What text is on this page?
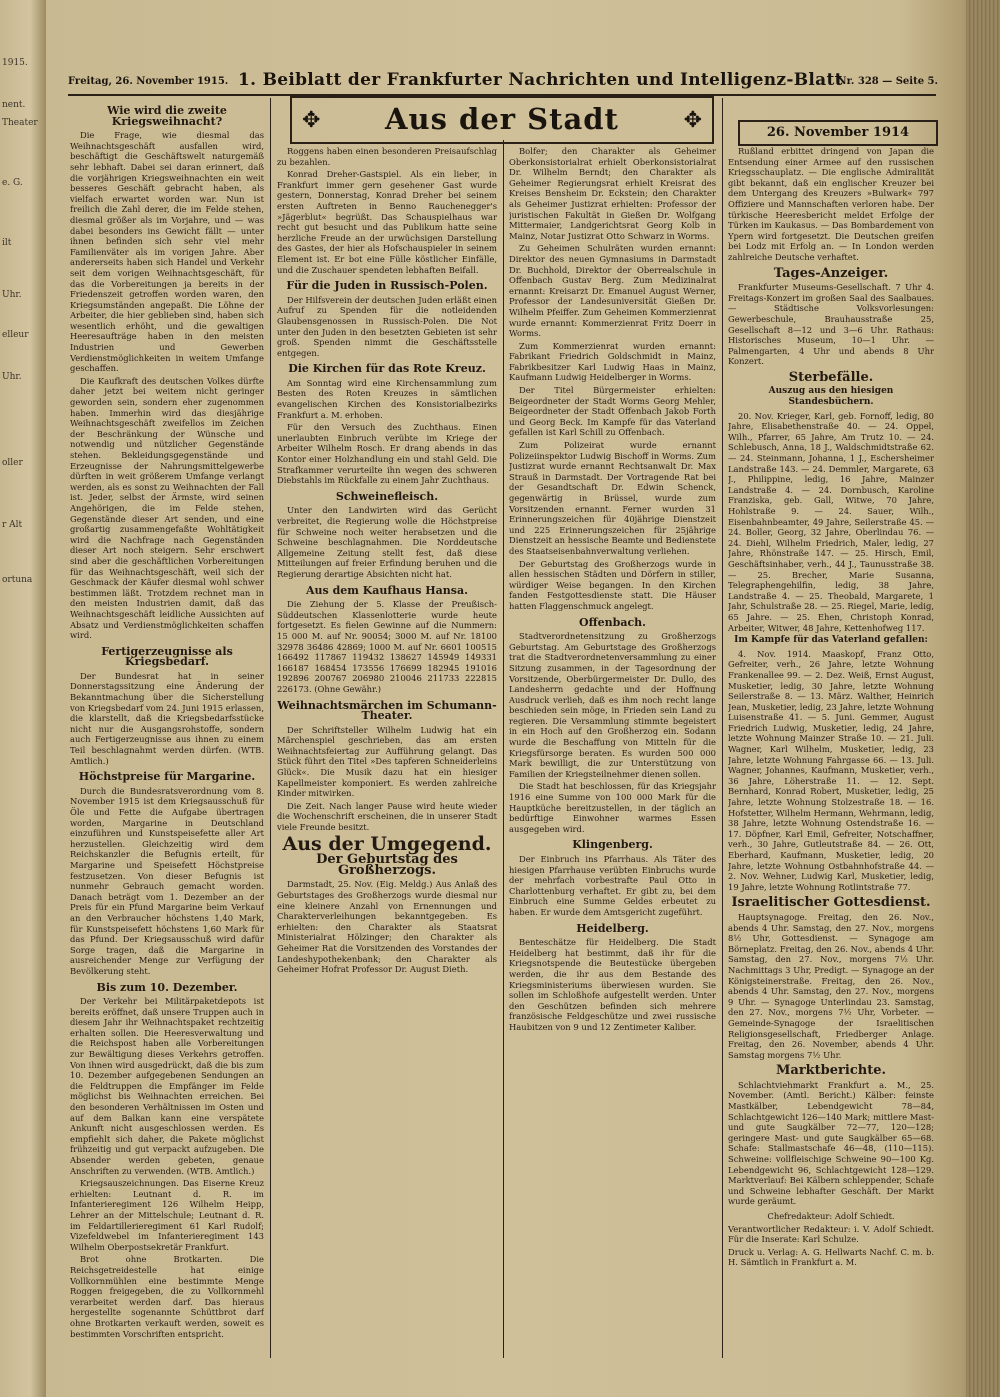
1915.
nent.
Theater
e. G.
ilt
Uhr.
elleur
Uhr.
oller
r Alt
ortuna
Freitag, 26. November 1915. 1. Beiblatt der Frankfurter Nachrichten und Intelligenz-Blatt
Nr. 328 — Seite 5.
✥	Aus der Stadt	✥	26. November 1914
Wie wird die zweite Kriegsweihnacht?

Die Frage, wie diesmal das Weihnachtsgeschäft ausfallen wird, beschäftigt die Geschäftswelt naturgemäß sehr lebhaft. Dabei sei daran erinnert, daß die vorjährigen Kriegsweihnachten ein weit besseres Geschäft gebracht haben, als vielfach erwartet worden war. Nun ist freilich die Zahl derer, die im Felde stehen, diesmal größer als im Vorjahre, und — was dabei besonders ins Gewicht fällt — unter ihnen befinden sich sehr viel mehr Familienväter als im vorigen Jahre. Aber andererseits haben sich Handel und Verkehr seit dem vorigen Weihnachtsgeschäft, für das die Vorbereitungen ja bereits in der Friedenszeit getroffen worden waren, den Kriegsumständen angepaßt. Die Löhne der Arbeiter, die hier geblieben sind, haben sich wesentlich erhöht, und die gewaltigen Heeresaufträge haben in den meisten Industrien und Gewerben Verdienstmöglichkeiten in weitem Umfange geschaffen.

Die Kaufkraft des deutschen Volkes dürfte daher jetzt bei weitem nicht geringer geworden sein, sondern eher zugenommen haben. Immerhin wird das diesjährige Weihnachtsgeschäft zweifellos im Zeichen der Beschränkung der Wünsche und notwendig und nützlicher Gegenstände stehen. Bekleidungsgegenstände und Erzeugnisse der Nahrungsmittelgewerbe dürften in weit größerem Umfange verlangt werden, als es sonst zu Weihnachten der Fall ist. Jeder, selbst der Ärmste, wird seinen Angehörigen, die im Felde stehen, Gegenstände dieser Art senden, und eine großartig zusammengefaßte Wohltätigkeit wird die Nachfrage nach Gegenständen dieser Art noch steigern. Sehr erschwert sind aber die geschäftlichen Vorbereitungen für das Weihnachtsgeschäft, weil sich der Geschmack der Käufer diesmal wohl schwer bestimmen läßt. Trotzdem rechnet man in den meisten Industrien damit, daß das Weihnachtsgeschäft leidliche Aussichten auf Absatz und Verdienstmöglichkeiten schaffen wird.

Fertigerzeugnisse als Kriegsbedarf.

Der Bundesrat hat in seiner Donnerstagssitzung eine Änderung der Bekanntmachung über die Sicherstellung von Kriegsbedarf vom 24. Juni 1915 erlassen, die klarstellt, daß die Kriegsbedarfsstücke nicht nur die Ausgangsrohstoffe, sondern auch Fertigerzeugnisse aus ihnen zu einem Teil beschlagnahmt werden dürfen. (WTB. Amtlich.)

Höchstpreise für Margarine.

Durch die Bundesratsverordnung vom 8. November 1915 ist dem Kriegsausschuß für Öle und Fette die Aufgabe übertragen worden, Margarine in Deutschland einzuführen und Kunstspeisefette aller Art herzustellen. Gleichzeitig wird dem Reichskanzler die Befugnis erteilt, für Margarine und Speisefett Höchstpreise festzusetzen. Von dieser Befugnis ist nunmehr Gebrauch gemacht worden. Danach beträgt vom 1. Dezember an der Preis für ein Pfund Margarine beim Verkauf an den Verbraucher höchstens 1,40 Mark, für Kunstspeisefett höchstens 1,60 Mark für das Pfund. Der Kriegsausschuß wird dafür Sorge tragen, daß die Margarine in ausreichender Menge zur Verfügung der Bevölkerung steht.

Bis zum 10. Dezember.

Der Verkehr bei Militärpaketdepots ist bereits eröffnet, daß unsere Truppen auch in diesem Jahr ihr Weihnachtspaket rechtzeitig erhalten sollen. Die Heeresverwaltung und die Reichspost haben alle Vorbereitungen zur Bewältigung dieses Verkehrs getroffen. Von ihnen wird ausgedrückt, daß die bis zum 10. Dezember aufgegebenen Sendungen an die Feldtruppen die Empfänger im Felde möglichst bis Weihnachten erreichen. Bei den besonderen Verhältnissen im Osten und auf dem Balkan kann eine verspätete Ankunft nicht ausgeschlossen werden. Es empfiehlt sich daher, die Pakete möglichst frühzeitig und gut verpackt aufzugeben. Die Absender werden gebeten, genaue Anschriften zu verwenden. (WTB. Amtlich.)

Kriegsauszeichnungen. Das Eiserne Kreuz erhielten: Leutnant d. R. im Infanterieregiment 126 Wilhelm Heipp, Lehrer an der Mittelschule; Leutnant d. R. im Feldartillerieregiment 61 Karl Rudolf; Vizefeldwebel im Infanterieregiment 143 Wilhelm Oberpostsekretär Frankfurt.

Brot ohne Brotkarten. Die Reichsgetreidestelle hat einige Vollkornmühlen eine bestimmte Menge Roggen freigegeben, die zu Vollkornmehl verarbeitet werden darf. Das hieraus hergestellte sogenannte Schüttbrot darf ohne Brotkarten verkauft werden, soweit es bestimmten Vorschriften entspricht.

Roggens haben einen besonderen Preisaufschlag zu bezahlen.

Konrad Dreher-Gastspiel. Als ein lieber, in Frankfurt immer gern gesehener Gast wurde gestern, Donnerstag, Konrad Dreher bei seinem ersten Auftreten in Benno Rauchenegger's »Jägerblut« begrüßt. Das Schauspielhaus war recht gut besucht und das Publikum hatte seine herzliche Freude an der urwüchsigen Darstellung des Gastes, der hier als Hofschauspieler in seinem Element ist. Er bot eine Fülle köstlicher Einfälle, und die Zuschauer spendeten lebhaften Beifall.

Für die Juden in Russisch-Polen.

Der Hilfsverein der deutschen Juden erläßt einen Aufruf zu Spenden für die notleidenden Glaubensgenossen in Russisch-Polen. Die Not unter den Juden in den besetzten Gebieten ist sehr groß. Spenden nimmt die Geschäftsstelle entgegen.

Die Kirchen für das Rote Kreuz.

Am Sonntag wird eine Kirchensammlung zum Besten des Roten Kreuzes in sämtlichen evangelischen Kirchen des Konsistorialbezirks Frankfurt a. M. erhoben.

Für den Versuch des Zuchthaus. Einen unerlaubten Einbruch verübte im Kriege der Arbeiter Wilhelm Rosch. Er drang abends in das Kontor einer Holzhandlung ein und stahl Geld. Die Strafkammer verurteilte ihn wegen des schweren Diebstahls im Rückfalle zu einem Jahr Zuchthaus.

Schweinefleisch.

Unter den Landwirten wird das Gerücht verbreitet, die Regierung wolle die Höchstpreise für Schweine noch weiter herabsetzen und die Schweine beschlagnahmen. Die Norddeutsche Allgemeine Zeitung stellt fest, daß diese Mitteilungen auf freier Erfindung beruhen und die Regierung derartige Absichten nicht hat.

Aus dem Kaufhaus Hansa.

Die Ziehung der 5. Klasse der Preußisch-Süddeutschen Klassenlotterie wurde heute fortgesetzt. Es fielen Gewinne auf die Nummern: 15 000 M. auf Nr. 90054; 3000 M. auf Nr. 18100 32978 36486 42869; 1000 M. auf Nr. 6601 100515 166492 117867 119432 138627 145949 149331 166187 168454 173556 176699 182945 191016 192896 200767 206980 210046 211733 222815 226173. (Ohne Gewähr.)

Weihnachtsmärchen im Schumann-Theater.

Der Schriftsteller Wilhelm Ludwig hat ein Märchenspiel geschrieben, das am ersten Weihnachtsfeiertag zur Aufführung gelangt. Das Stück führt den Titel »Des tapferen Schneiderleins Glück«. Die Musik dazu hat ein hiesiger Kapellmeister komponiert. Es werden zahlreiche Kinder mitwirken.

Die Zeit. Nach langer Pause wird heute wieder die Wochenschrift erscheinen, die in unserer Stadt viele Freunde besitzt.

Aus der Umgegend.
Der Geburtstag des Großherzogs.

Darmstadt, 25. Nov. (Eig. Meldg.) Aus Anlaß des Geburtstages des Großherzogs wurde diesmal nur eine kleinere Anzahl von Ernennungen und Charakterverleihungen bekanntgegeben. Es erhielten: den Charakter als Staatsrat Ministerialrat Hölzinger; den Charakter als Geheimer Rat die Vorsitzenden des Vorstandes der Landeshypothekenbank; den Charakter als Geheimer Hofrat Professor Dr. August Dieth.

Bolfer; den Charakter als Geheimer Oberkonsistorialrat erhielt Oberkonsistorialrat Dr. Wilhelm Berndt; den Charakter als Geheimer Regierungsrat erhielt Kreisrat des Kreises Bensheim Dr. Eckstein; den Charakter als Geheimer Justizrat erhielten: Professor der juristischen Fakultät in Gießen Dr. Wolfgang Mittermaier, Landgerichtsrat Georg Kolb in Mainz, Notar Justizrat Otto Schwarz in Worms.

Zu Geheimen Schulräten wurden ernannt: Direktor des neuen Gymnasiums in Darmstadt Dr. Buchhold, Direktor der Oberrealschule in Offenbach Gustav Berg. Zum Medizinalrat ernannt: Kreisarzt Dr. Emanuel August Werner, Professor der Landesuniversität Gießen Dr. Wilhelm Pfeiffer. Zum Geheimen Kommerzienrat wurde ernannt: Kommerzienrat Fritz Doerr in Worms.

Zum Kommerzienrat wurden ernannt: Fabrikant Friedrich Goldschmidt in Mainz, Fabrikbesitzer Karl Ludwig Haas in Mainz, Kaufmann Ludwig Heidelberger in Worms.

Der Titel Bürgermeister erhielten: Beigeordneter der Stadt Worms Georg Mehler, Beigeordneter der Stadt Offenbach Jakob Forth und Georg Beck. Im Kampfe für das Vaterland gefallen ist Karl Schill zu Offenbach.

Zum Polizeirat wurde ernannt Polizeiinspektor Ludwig Bischoff in Worms. Zum Justizrat wurde ernannt Rechtsanwalt Dr. Max Strauß in Darmstadt. Der Vortragende Rat bei der Gesandtschaft Dr. Edwin Schenck, gegenwärtig in Brüssel, wurde zum Vorsitzenden ernannt. Ferner wurden 31 Erinnerungszeichen für 40jährige Dienstzeit und 225 Erinnerungszeichen für 25jährige Dienstzeit an hessische Beamte und Bedienstete des Staatseisenbahnverwaltung verliehen.

Der Geburtstag des Großherzogs wurde in allen hessischen Städten und Dörfern in stiller, würdiger Weise begangen. In den Kirchen fanden Festgottesdienste statt. Die Häuser hatten Flaggenschmuck angelegt.

Offenbach.

Stadtverordnetensitzung zu Großherzogs Geburtstag. Am Geburtstage des Großherzogs trat die Stadtverordnetenversammlung zu einer Sitzung zusammen, in der Tagesordnung der Vorsitzende, Oberbürgermeister Dr. Dullo, des Landesherrn gedachte und der Hoffnung Ausdruck verlieh, daß es ihm noch recht lange beschieden sein möge, in Frieden sein Land zu regieren. Die Versammlung stimmte begeistert in ein Hoch auf den Großherzog ein. Sodann wurde die Beschaffung von Mitteln für die Kriegsfürsorge beraten. Es wurden 500 000 Mark bewilligt, die zur Unterstützung von Familien der Kriegsteilnehmer dienen sollen.

Die Stadt hat beschlossen, für das Kriegsjahr 1916 eine Summe von 100 000 Mark für die Hauptküche bereitzustellen, in der täglich an bedürftige Einwohner warmes Essen ausgegeben wird.

Klingenberg.

Der Einbruch ins Pfarrhaus. Als Täter des hiesigen Pfarrhause verübten Einbruchs wurde der mehrfach vorbestrafte Paul Otto in Charlottenburg verhaftet. Er gibt zu, bei dem Einbruch eine Summe Geldes erbeutet zu haben. Er wurde dem Amtsgericht zugeführt.

Heidelberg.

Benteschätze für Heidelberg. Die Stadt Heidelberg hat bestimmt, daß ihr für die Kriegsnotspende die Beutestücke übergeben werden, die ihr aus dem Bestande des Kriegsministeriums überwiesen wurden. Sie sollen im Schloßhofe aufgestellt werden. Unter den Geschützen befinden sich mehrere französische Feldgeschütze und zwei russische Haubitzen von 9 und 12 Zentimeter Kaliber.

Rußland erbittet dringend von Japan die Entsendung einer Armee auf den russischen Kriegsschauplatz. — Die englische Admiralität gibt bekannt, daß ein englischer Kreuzer bei dem Untergang des Kreuzers »Bulwark« 797 Offiziere und Mannschaften verloren habe. Der türkische Heeresbericht meldet Erfolge der Türken im Kaukasus. — Das Bombardement von Ypern wird fortgesetzt. Die Deutschen greifen bei Lodz mit Erfolg an. — In London werden zahlreiche Deutsche verhaftet.

Tages-Anzeiger.

Frankfurter Museums-Gesellschaft. 7 Uhr 4. Freitags-Konzert im großen Saal des Saalbaues. — Städtische Volksvorlesungen: Gewerbeschule, Brauhausstraße 25, Gesellschaft 8—12 und 3—6 Uhr. Rathaus: Historisches Museum, 10—1 Uhr. — Palmengarten, 4 Uhr und abends 8 Uhr Konzert.

Sterbefälle.
Auszug aus den hiesigen Standesbüchern.

20. Nov. Krieger, Karl, geb. Fornoff, ledig, 80 Jahre, Elisabethenstraße 40. — 24. Oppel, Wilh., Pfarrer, 65 Jahre, Am Trutz 10. — 24. Schlebusch, Anna, 18 J., Waldschmidtstraße 62. — 24. Steinmann, Johanna, 1 J., Eschersheimer Landstraße 143. — 24. Demmler, Margarete, 63 J., Philippine, ledig, 16 Jahre, Mainzer Landstraße 4. — 24. Dornbusch, Karoline Franziska, geb. Gall, Witwe, 70 Jahre, Hohlstraße 9. — 24. Sauer, Wilh., Eisenbahnbeamter, 49 Jahre, Seilerstraße 45. — 24. Boller, Georg, 32 Jahre, Oberlindau 76. — 24. Diehl, Wilhelm Friedrich, Maler, ledig, 27 Jahre, Rhönstraße 147. — 25. Hirsch, Emil, Geschäftsinhaber, verh., 44 J., Taunusstraße 38. — 25. Brecher, Marie Susanna, Telegraphengehilfin, ledig, 38 Jahre, Landstraße 4. — 25. Theobald, Margarete, 1 Jahr, Schulstraße 28. — 25. Riegel, Marie, ledig, 65 Jahre. — 25. Ehen, Christoph Konrad, Arbeiter, Witwer, 48 Jahre, Kettenhofweg 117.

Im Kampfe für das Vaterland gefallen:

4. Nov. 1914. Maaskopf, Franz Otto, Gefreiter, verh., 26 Jahre, letzte Wohnung Frankenallee 99. — 2. Dez. Weiß, Ernst August, Musketier, ledig, 30 Jahre, letzte Wohnung Seilerstraße 8. — 13. März. Walther, Heinrich Jean, Musketier, ledig, 23 Jahre, letzte Wohnung Luisenstraße 41. — 5. Juni. Gemmer, August Friedrich Ludwig, Musketier, ledig, 24 Jahre, letzte Wohnung Mainzer Straße 10. — 21. Juli. Wagner, Karl Wilhelm, Musketier, ledig, 23 Jahre, letzte Wohnung Fahrgasse 66. — 13. Juli. Wagner, Johannes, Kaufmann, Musketier, verh., 36 Jahre, Löherstraße 11. — 12. Sept. Bernhard, Konrad Robert, Musketier, ledig, 25 Jahre, letzte Wohnung Stolzestraße 18. — 16. Hofstetter, Wilhelm Hermann, Wehrmann, ledig, 38 Jahre, letzte Wohnung Ostendstraße 16. — 17. Döpfner, Karl Emil, Gefreiter, Notschaffner, verh., 30 Jahre, Gutleutstraße 84. — 26. Ott, Eberhard, Kaufmann, Musketier, ledig, 20 Jahre, letzte Wohnung Ostbahnhofstraße 44. — 2. Nov. Wehner, Ludwig Karl, Musketier, ledig, 19 Jahre, letzte Wohnung Rotlintstraße 77.

Israelitischer Gottesdienst.

Hauptsynagoge. Freitag, den 26. Nov., abends 4 Uhr. Samstag, den 27. Nov., morgens 8½ Uhr, Gottesdienst. — Synagoge am Börneplatz. Freitag, den 26. Nov., abends 4 Uhr. Samstag, den 27. Nov., morgens 7½ Uhr. Nachmittags 3 Uhr, Predigt. — Synagoge an der Königsteinerstraße. Freitag, den 26. Nov., abends 4 Uhr. Samstag, den 27. Nov., morgens 9 Uhr. — Synagoge Unterlindau 23. Samstag, den 27. Nov., morgens 7½ Uhr, Vorbeter. — Gemeinde-Synagoge der Israelitischen Religionsgesellschaft, Friedberger Anlage. Freitag, den 26. November, abends 4 Uhr. Samstag morgens 7½ Uhr.

Marktberichte.

Schlachtviehmarkt Frankfurt a. M., 25. November. (Amtl. Bericht.) Kälber: feinste Mastkälber, Lebendgewicht 78—84, Schlachtgewicht 126—140 Mark; mittlere Mast- und gute Saugkälber 72—77, 120—128; geringere Mast- und gute Saugkälber 65—68. Schafe: Stallmastschafe 46—48, (110—115). Schweine: vollfleischige Schweine 90—100 Kg. Lebendgewicht 96, Schlachtgewicht 128—129. Marktverlauf: Bei Kälbern schleppender, Schafe und Schweine lebhafter Geschäft. Der Markt wurde geräumt.

Chefredakteur: Adolf Schiedt.

Verantwortlicher Redakteur: i. V. Adolf Schiedt. Für die Inserate: Karl Schulze.

Druck u. Verlag: A. G. Hellwarts Nachf. C. m. b. H. Sämtlich in Frankfurt a. M.
